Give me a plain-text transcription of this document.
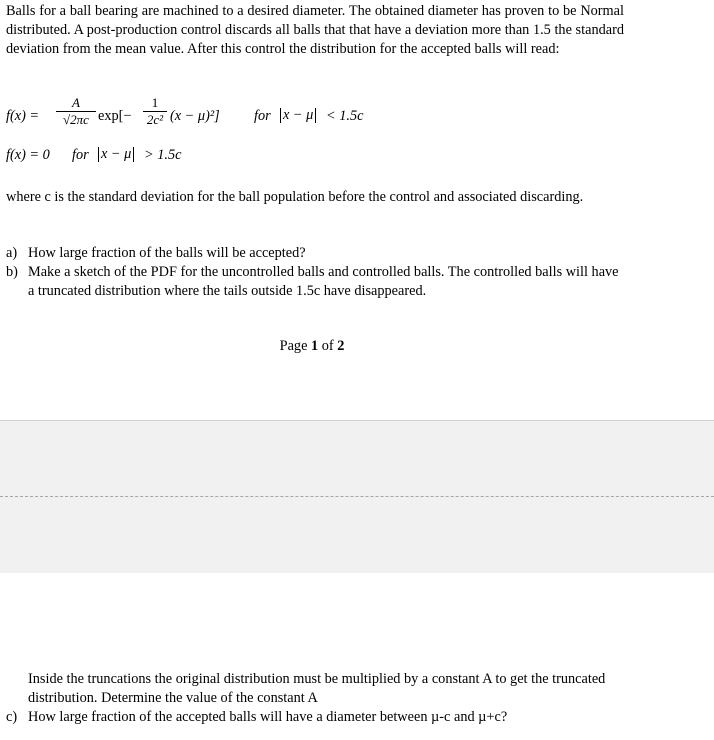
Balls for a ball bearing are machined to a desired diameter. The obtained diameter has proven to be Normal distributed. A post-production control discards all balls that that have a deviation more than 1.5 the standard deviation from the mean value. After this control the distribution for the accepted balls will read:

f(x) =
A
√2πc exp[−
1
2c² (x − μ)²] for x − μ < 1.5c
f(x) = 0 for x − μ > 1.5c

where c is the standard deviation for the ball population before the control and associated discarding.

a) How large fraction of the balls will be accepted?
b) Make a sketch of the PDF for the uncontrolled balls and controlled balls. The controlled balls will have a truncated distribution where the tails outside 1.5c have disappeared.
Page 1 of 2

Inside the truncations the original distribution must be multiplied by a constant A to get the truncated distribution. Determine the value of the constant A

c) How large fraction of the accepted balls will have a diameter between µ-c and µ+c?
